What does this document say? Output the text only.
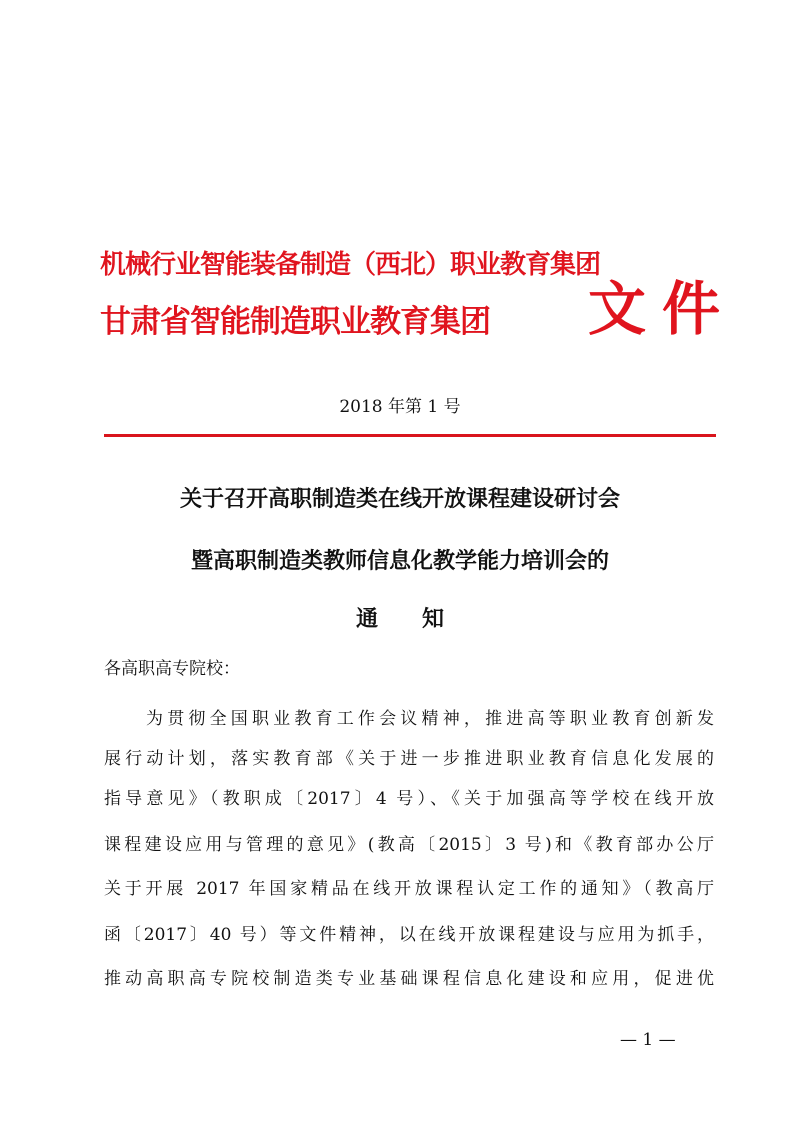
机械行业智能装备制造（西北）职业教育集团
甘肃省智能制造职业教育集团 文件
2018 年第 1 号
关于召开高职制造类在线开放课程建设研讨会
暨高职制造类教师信息化教学能力培训会的
通 知
各高职高专院校：
为贯彻全国职业教育工作会议精神，推进高等职业教育创新发
展行动计划，落实教育部《关于进一步推进职业教育信息化发展的
指导意见》（教职成〔2017〕4 号）、《关于加强高等学校在线开放
课程建设应用与管理的意见》(教高〔2015〕3 号)和《教育部办公厅
关于开展 2017 年国家精品在线开放课程认定工作的通知》（教高厅
函〔2017〕40 号）等文件精神，以在线开放课程建设与应用为抓手，
推动高职高专院校制造类专业基础课程信息化建设和应用，促进优
— 1 —
